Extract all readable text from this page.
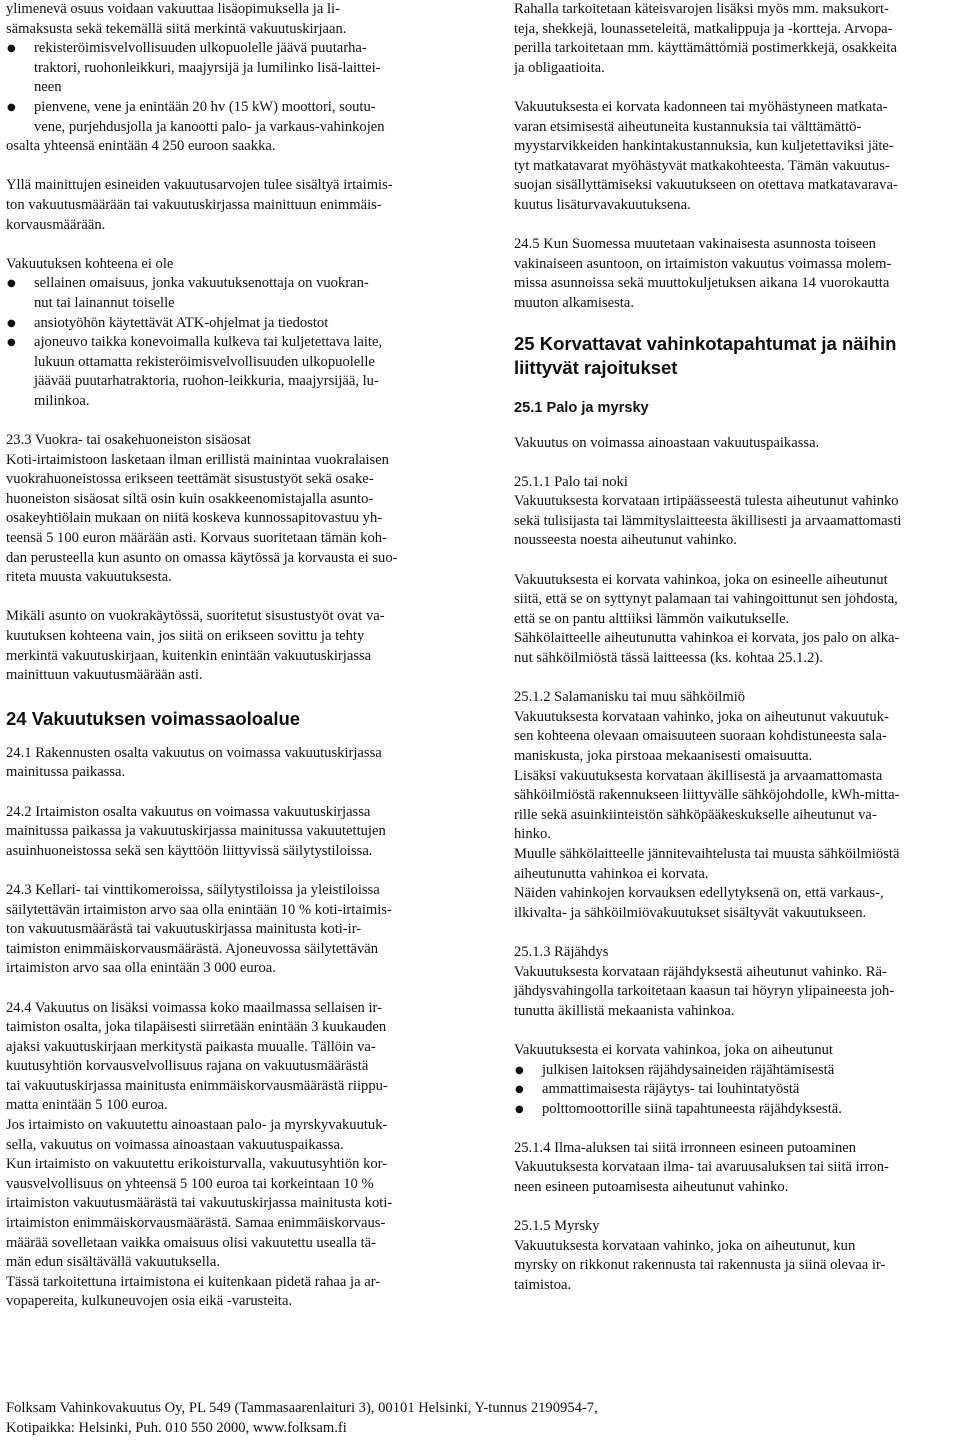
ylimenevä osuus voidaan vakuuttaa lisäopimuksella ja li-
sämaksusta sekä tekemällä siitä merkintä vakuutuskirjaan.

● rekisteröimisvelvollisuuden ulkopuolelle jäävä puutarha-
traktori, ruohonleikkuri, maajyrsijä ja lumilinko lisä-laittei-
neen
● pienvene, vene ja enintään 20 hv (15 kW) moottori, soutu-
vene, purjehdusjolla ja kanootti palo- ja varkaus-vahinkojen

osalta yhteensä enintään 4 250 euroon saakka.

Yllä mainittujen esineiden vakuutusarvojen tulee sisältyä irtaimis-
ton vakuutusmäärään tai vakuutuskirjassa mainittuun enimmäis-
korvausmäärään.

Vakuutuksen kohteena ei ole

● sellainen omaisuus, jonka vakuutuksenottaja on vuokran-
nut tai lainannut toiselle
● ansiotyöhön käytettävät ATK-ohjelmat ja tiedostot
● ajoneuvo taikka konevoimalla kulkeva tai kuljetettava laite,
lukuun ottamatta rekisteröimisvelvollisuuden ulkopuolelle
jäävää puutarhatraktoria, ruohon-leikkuria, maajyrsijää, lu-
milinkoa.

23.3 Vuokra- tai osakehuoneiston sisäosat
Koti-irtaimistoon lasketaan ilman erillistä mainintaa vuokralaisen
vuokrahuoneistossa erikseen teettämät sisustustyöt sekä osake-
huoneiston sisäosat siltä osin kuin osakkeenomistajalla asunto-
osakeyhtiölain mukaan on niitä koskeva kunnossapitovastuu yh-
teensä 5 100 euron määrään asti. Korvaus suoritetaan tämän koh-
dan perusteella kun asunto on omassa käytössä ja korvausta ei suo-
riteta muusta vakuutuksesta.

Mikäli asunto on vuokrakäytössä, suoritetut sisustustyöt ovat va-
kuutuksen kohteena vain, jos siitä on erikseen sovittu ja tehty
merkintä vakuutuskirjaan, kuitenkin enintään vakuutuskirjassa
mainittuun vakuutusmäärään asti.

24 Vakuutuksen voimassaoloalue

24.1 Rakennusten osalta vakuutus on voimassa vakuutuskirjassa
mainitussa paikassa.

24.2 Irtaimiston osalta vakuutus on voimassa vakuutuskirjassa
mainitussa paikassa ja vakuutuskirjassa mainitussa vakuutettujen
asuinhuoneistossa sekä sen käyttöön liittyvissä säilytystiloissa.

24.3 Kellari- tai vinttikomeroissa, säilytystiloissa ja yleistiloissa
säilytettävän irtaimiston arvo saa olla enintään 10 % koti-irtaimis-
ton vakuutusmäärästä tai vakuutuskirjassa mainitusta koti-ir-
taimiston enimmäiskorvausmäärästä. Ajoneuvossa säilytettävän
irtaimiston arvo saa olla enintään 3 000 euroa.

24.4 Vakuutus on lisäksi voimassa koko maailmassa sellaisen ir-
taimiston osalta, joka tilapäisesti siirretään enintään 3 kuukauden
ajaksi vakuutuskirjaan merkitystä paikasta muualle. Tällöin va-
kuutusyhtiön korvausvelvollisuus rajana on vakuutusmäärästä
tai vakuutuskirjassa mainitusta enimmäiskorvausmäärästä riippu-
matta enintään 5 100 euroa.
Jos irtaimisto on vakuutettu ainoastaan palo- ja myrskyvakuutuk-
sella, vakuutus on voimassa ainoastaan vakuutuspaikassa.
Kun irtaimisto on vakuutettu erikoisturvalla, vakuutusyhtiön kor-
vausvelvollisuus on yhteensä 5 100 euroa tai korkeintaan 10 %
irtaimiston vakuutusmäärästä tai vakuutuskirjassa mainitusta koti-
irtaimiston enimmäiskorvausmäärästä. Samaa enimmäiskorvaus-
määrää sovelletaan vaikka omaisuus olisi vakuutettu usealla tä-
män edun sisältävällä vakuutuksella.
Tässä tarkoitettuna irtaimistona ei kuitenkaan pidetä rahaa ja ar-
vopapereita, kulkuneuvojen osia eikä -varusteita.

Rahalla tarkoitetaan käteisvarojen lisäksi myös mm. maksukort-
teja, shekkejä, lounasseteleitä, matkalippuja ja -kortteja. Arvopa-
perilla tarkoitetaan mm. käyttämättömiä postimerkkejä, osakkeita
ja obligaatioita.

Vakuutuksesta ei korvata kadonneen tai myöhästyneen matkata-
varan etsimisestä aiheutuneita kustannuksia tai välttämättö-
myystarvikkeiden hankintakustannuksia, kun kuljetettaviksi jäte-
tyt matkatavarat myöhästyvät matkakohteesta. Tämän vakuutus-
suojan sisällyttämiseksi vakuutukseen on otettava matkatavarava-
kuutus lisäturvavakuutuksena.

24.5 Kun Suomessa muutetaan vakinaisesta asunnosta toiseen
vakinaiseen asuntoon, on irtaimiston vakuutus voimassa molem-
missa asunnoissa sekä muuttokuljetuksen aikana 14 vuorokautta
muuton alkamisesta.

25 Korvattavat vahinkotapahtumat ja näihin
liittyvät rajoitukset
25.1 Palo ja myrsky

Vakuutus on voimassa ainoastaan vakuutuspaikassa.

25.1.1 Palo tai noki
Vakuutuksesta korvataan irtipäässeestä tulesta aiheutunut vahinko
sekä tulisijasta tai lämmityslaitteesta äkillisesti ja arvaamattomasti
nousseesta noesta aiheutunut vahinko.

Vakuutuksesta ei korvata vahinkoa, joka on esineelle aiheutunut
siitä, että se on syttynyt palamaan tai vahingoittunut sen johdosta,
että se on pantu alttiiksi lämmön vaikutukselle.
Sähkölaitteelle aiheutunutta vahinkoa ei korvata, jos palo on alka-
nut sähköilmiöstä tässä laitteessa (ks. kohtaa 25.1.2).

25.1.2 Salamanisku tai muu sähköilmiö
Vakuutuksesta korvataan vahinko, joka on aiheutunut vakuutuk-
sen kohteena olevaan omaisuuteen suoraan kohdistuneesta sala-
maniskusta, joka pirstoaa mekaanisesti omaisuutta.
Lisäksi vakuutuksesta korvataan äkillisestä ja arvaamattomasta
sähköilmiöstä rakennukseen liittyvälle sähköjohdolle, kWh-mitta-
rille sekä asuinkiinteistön sähköpääkeskukselle aiheutunut va-
hinko.
Muulle sähkölaitteelle jännitevaihtelusta tai muusta sähköilmiöstä
aiheutunutta vahinkoa ei korvata.
Näiden vahinkojen korvauksen edellytyksenä on, että varkaus-,
ilkivalta- ja sähköilmiövakuutukset sisältyvät vakuutukseen.

25.1.3 Räjähdys
Vakuutuksesta korvataan räjähdyksestä aiheutunut vahinko. Rä-
jähdysvahingolla tarkoitetaan kaasun tai höyryn ylipaineesta joh-
tunutta äkillistä mekaanista vahinkoa.

Vakuutuksesta ei korvata vahinkoa, joka on aiheutunut

● julkisen laitoksen räjähdysaineiden räjähtämisestä
● ammattimaisesta räjäytys- tai louhintatyöstä
● polttomoottorille siinä tapahtuneesta räjähdyksestä.

25.1.4 Ilma-aluksen tai siitä irronneen esineen putoaminen
Vakuutuksesta korvataan ilma- tai avaruusaluksen tai siitä irron-
neen esineen putoamisesta aiheutunut vahinko.

25.1.5 Myrsky
Vakuutuksesta korvataan vahinko, joka on aiheutunut, kun
myrsky on rikkonut rakennusta tai rakennusta ja siinä olevaa ir-
taimistoa.

Folksam Vahinkovakuutus Oy, PL 549 (Tammasaarenlaituri 3), 00101 Helsinki, Y-tunnus 2190954-7,
Kotipaikka: Helsinki, Puh. 010 550 2000, www.folksam.fi
